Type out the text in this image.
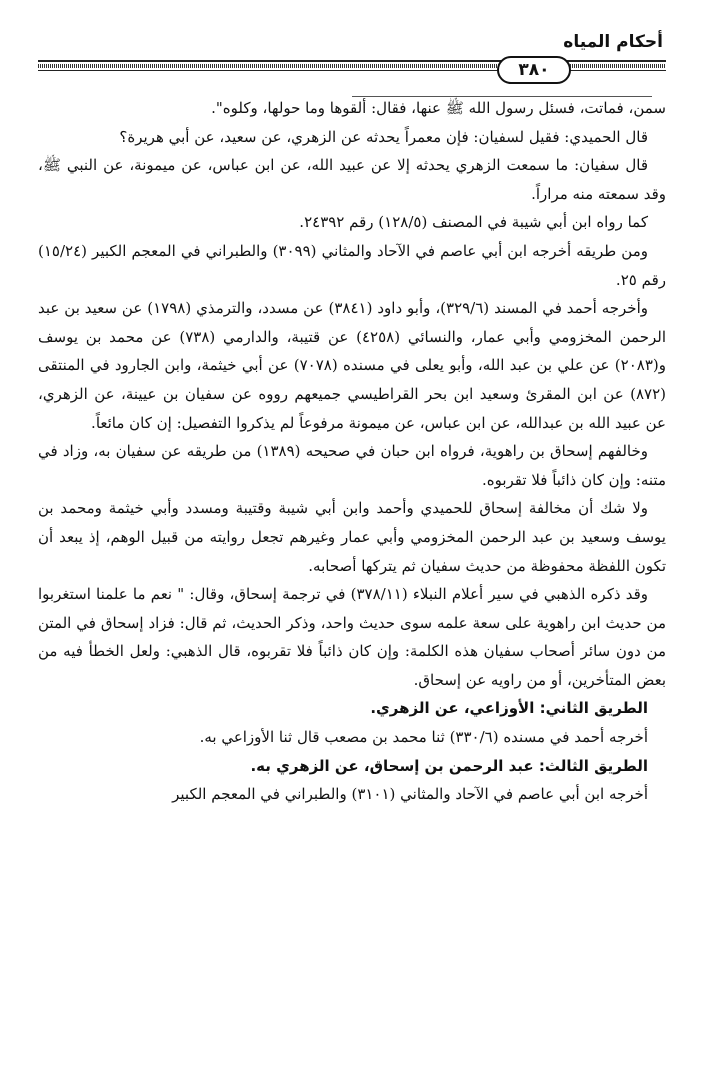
أحكام المياه
٣٨٠

سمن، فماتت، فسئل رسول الله ﷺ عنها، فقال: ألقوها وما حولها، وكلوه".

قال الحميدي: فقيل لسفيان: فإن معمراً يحدثه عن الزهري، عن سعيد، عن أبي هريرة؟

قال سفيان: ما سمعت الزهري يحدثه إلا عن عبيد الله، عن ابن عباس، عن ميمونة، عن النبي ﷺ، وقد سمعته منه مراراً.

كما رواه ابن أبي شيبة في المصنف (١٢٨/٥) رقم ٢٤٣٩٢.

ومن طريقه أخرجه ابن أبي عاصم في الآحاد والمثاني (٣٠٩٩) والطبراني في المعجم الكبير (١٥/٢٤) رقم ٢٥.

وأخرجه أحمد في المسند (٣٢٩/٦)، وأبو داود (٣٨٤١) عن مسدد، والترمذي (١٧٩٨) عن سعيد بن عبد الرحمن المخزومي وأبي عمار، والنسائي (٤٢٥٨) عن قتيبة، والدارمي (٧٣٨) عن محمد بن يوسف و(٢٠٨٣) عن علي بن عبد الله، وأبو يعلى في مسنده (٧٠٧٨) عن أبي خيثمة، وابن الجارود في المنتقى (٨٧٢) عن ابن المقرئ وسعيد ابن بحر القراطيسي جميعهم رووه عن سفيان بن عيينة، عن الزهري، عن عبيد الله بن عبدالله، عن ابن عباس، عن ميمونة مرفوعاً لم يذكروا التفصيل: إن كان مائعاً.

وخالفهم إسحاق بن راهوية، فرواه ابن حبان في صحيحه (١٣٨٩) من طريقه عن سفيان به، وزاد في متنه: وإن كان ذائباً فلا تقربوه.

ولا شك أن مخالفة إسحاق للحميدي وأحمد وابن أبي شيبة وقتيبة ومسدد وأبي خيثمة ومحمد بن يوسف وسعيد بن عبد الرحمن المخزومي وأبي عمار وغيرهم تجعل روايته من قبيل الوهم، إذ يبعد أن تكون اللفظة محفوظة من حديث سفيان ثم يتركها أصحابه.

وقد ذكره الذهبي في سير أعلام النبلاء (٣٧٨/١١) في ترجمة إسحاق، وقال: " نعم ما علمنا استغربوا من حديث ابن راهوية على سعة علمه سوى حديث واحد، وذكر الحديث، ثم قال: فزاد إسحاق في المتن من دون سائر أصحاب سفيان هذه الكلمة: وإن كان ذائباً فلا تقربوه، قال الذهبي: ولعل الخطأ فيه من بعض المتأخرين، أو من راويه عن إسحاق.

الطريق الثاني: الأوزاعي، عن الزهري.

أخرجه أحمد في مسنده (٣٣٠/٦) ثنا محمد بن مصعب قال ثنا الأوزاعي به.

الطريق الثالث: عبد الرحمن بن إسحاق، عن الزهري به.

أخرجه ابن أبي عاصم في الآحاد والمثاني (٣١٠١) والطبراني في المعجم الكبير
